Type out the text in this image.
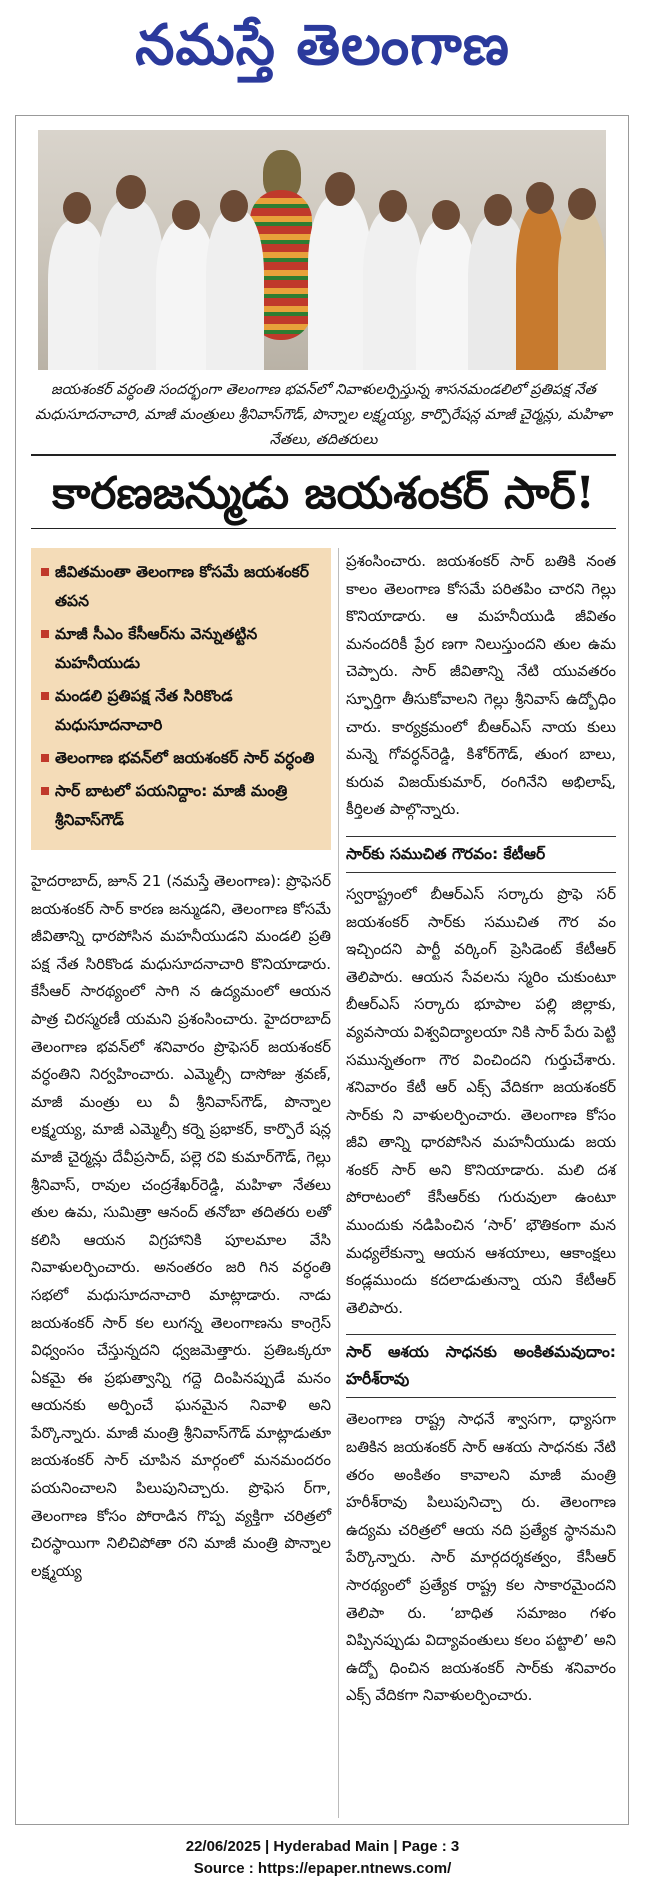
నమస్తే తెలంగాణ
జయశంకర్ వర్ధంతి సందర్భంగా తెలంగాణ భవన్‌లో నివాళులర్పిస్తున్న శాసనమండలిలో ప్రతిపక్ష నేత మధుసూదనాచారి, మాజీ మంత్రులు శ్రీనివాస్‌గౌడ్, పొన్నాల లక్ష్మయ్య, కార్పొరేషన్ల మాజీ చైర్మన్లు, మహిళా నేతలు, తదితరులు
కారణజన్ముడు జయశంకర్ సార్!
జీవితమంతా తెలంగాణ కోసమే జయశంకర్ తపన
మాజీ సీఎం కేసీఆర్‌ను వెన్నుతట్టిన మహనీయుడు
మండలి ప్రతిపక్ష నేత సిరికొండ మధుసూదనాచారి
తెలంగాణ భవన్‌లో జయశంకర్ సార్ వర్ధంతి
సార్ బాటలో పయనిద్దాం: మాజీ మంత్రి శ్రీనివాస్‌గౌడ్

హైదరాబాద్, జూన్ 21 (నమస్తే తెలంగాణ): ప్రొఫెసర్ జయశంకర్ సార్ కారణ జన్ముడని, తెలంగాణ కోసమే జీవితాన్ని ధారపోసిన మహనీయుడని మండలి ప్రతి పక్ష నేత సిరికొండ మధుసూదనాచారి కొనియాడారు. కేసీఆర్ సారథ్యంలో సాగి న ఉద్యమంలో ఆయన పాత్ర చిరస్మరణీ యమని ప్రశంసించారు. హైదరాబాద్ తెలంగాణ భవన్‌లో శనివారం ప్రొఫెసర్ జయశంకర్ వర్ధంతిని నిర్వహించారు. ఎమ్మెల్సీ దాసోజు శ్రవణ్, మాజీ మంత్రు లు వీ శ్రీనివాస్‌గౌడ్, పొన్నాల లక్ష్మయ్య, మాజీ ఎమ్మెల్సీ కర్నె ప్రభాకర్, కార్పొరే షన్ల మాజీ చైర్మన్లు దేవీప్రసాద్, పల్లె రవి కుమార్‌గౌడ్, గెల్లు శ్రీనివాస్, రావుల చంద్రశేఖర్‌రెడ్డి, మహిళా నేతలు తుల ఉమ, సుమిత్రా ఆనంద్ తనోబా తదితరు లతో కలిసి ఆయన విగ్రహానికి పూలమాల వేసి నివాళులర్పించారు. అనంతరం జరి గిన వర్ధంతి సభలో మధుసూదనాచారి మాట్లాడారు. నాడు జయశంకర్ సార్ కల లుగన్న తెలంగాణను కాంగ్రెస్ విధ్వంసం చేస్తున్నదని ధ్వజమెత్తారు. ప్రతిఒక్కరూ ఏకమై ఈ ప్రభుత్వాన్ని గద్దె దింపినప్పుడే మనం ఆయనకు అర్పించే ఘనమైన నివాళి అని పేర్కొన్నారు. మాజీ మంత్రి శ్రీనివాస్‌గౌడ్ మాట్లాడుతూ జయశంకర్ సార్ చూపిన మార్గంలో మనమందరం పయనించాలని పిలుపునిచ్చారు. ప్రొఫెస ర్‌గా, తెలంగాణ కోసం పోరాడిన గొప్ప వ్యక్తిగా చరిత్రలో చిరస్థాయిగా నిలిచిపోతా రని మాజీ మంత్రి పొన్నాల లక్ష్మయ్య

ప్రశంసించారు. జయశంకర్ సార్ బతికి నంత కాలం తెలంగాణ కోసమే పరితపిం చారని గెల్లు కొనియాడారు. ఆ మహనీయుడి జీవితం మనందరికీ ప్రేర ణగా నిలుస్తుందని తుల ఉమ చెప్పారు. సార్ జీవితాన్ని నేటి యువతరం స్ఫూర్తిగా తీసుకోవాలని గెల్లు శ్రీనివాస్ ఉద్బోధిం చారు. కార్యక్రమంలో బీఆర్‌ఎస్ నాయ కులు మన్నె గోవర్ధన్‌రెడ్డి, కిశోర్‌గౌడ్, తుంగ బాలు, కురువ విజయ్‌కుమార్, రంగినేని అభిలాష్, కీర్తిలత పాల్గొన్నారు.

సార్‌కు సముచిత గౌరవం: కేటీఆర్

స్వరాష్ట్రంలో బీఆర్‌ఎస్ సర్కారు ప్రొఫె సర్ జయశంకర్ సార్‌కు సముచిత గౌర వం ఇచ్చిందని పార్టీ వర్కింగ్ ప్రెసిడెంట్ కేటీఆర్ తెలిపారు. ఆయన సేవలను స్మరిం చుకుంటూ బీఆర్‌ఎస్ సర్కారు భూపాల పల్లి జిల్లాకు, వ్యవసాయ విశ్వవిద్యాలయా నికి సార్ పేరు పెట్టి సమున్నతంగా గౌర వించిందని గుర్తుచేశారు. శనివారం కేటీ ఆర్ ఎక్స్ వేదికగా జయశంకర్ సార్‌కు ని వాళులర్పించారు. తెలంగాణ కోసం జీవి తాన్ని ధారపోసిన మహనీయుడు జయ శంకర్ సార్ అని కొనియాడారు. మలి దశ పోరాటంలో కేసీఆర్‌కు గురువులా ఉంటూ ముందుకు నడిపించిన ‘సార్’ భౌతికంగా మన మధ్యలేకున్నా ఆయన ఆశయాలు, ఆకాంక్షలు కండ్లముందు కదలాడుతున్నా యని కేటీఆర్ తెలిపారు.

సార్ ఆశయ సాధనకు అంకితమవుదాం: హరీశ్‌రావు

తెలంగాణ రాష్ట్ర సాధనే శ్వాసగా, ధ్యాసగా బతికిన జయశంకర్ సార్ ఆశయ సాధనకు నేటి తరం అంకితం కావాలని మాజీ మంత్రి హరీశ్‌రావు పిలుపునిచ్చా రు. తెలంగాణ ఉద్యమ చరిత్రలో ఆయ నది ప్రత్యేక స్థానమని పేర్కొన్నారు. సార్ మార్గదర్శకత్వం, కేసీఆర్ సారథ్యంలో ప్రత్యేక రాష్ట్ర కల సాకారమైందని తెలిపా రు. ‘బాధిత సమాజం గళం విప్పినప్పుడు విద్యావంతులు కలం పట్టాలి’ అని ఉద్బో ధించిన జయశంకర్ సార్‌కు శనివారం ఎక్స్ వేదికగా నివాళులర్పించారు.

22/06/2025 | Hyderabad Main | Page : 3
Source : https://epaper.ntnews.com/
